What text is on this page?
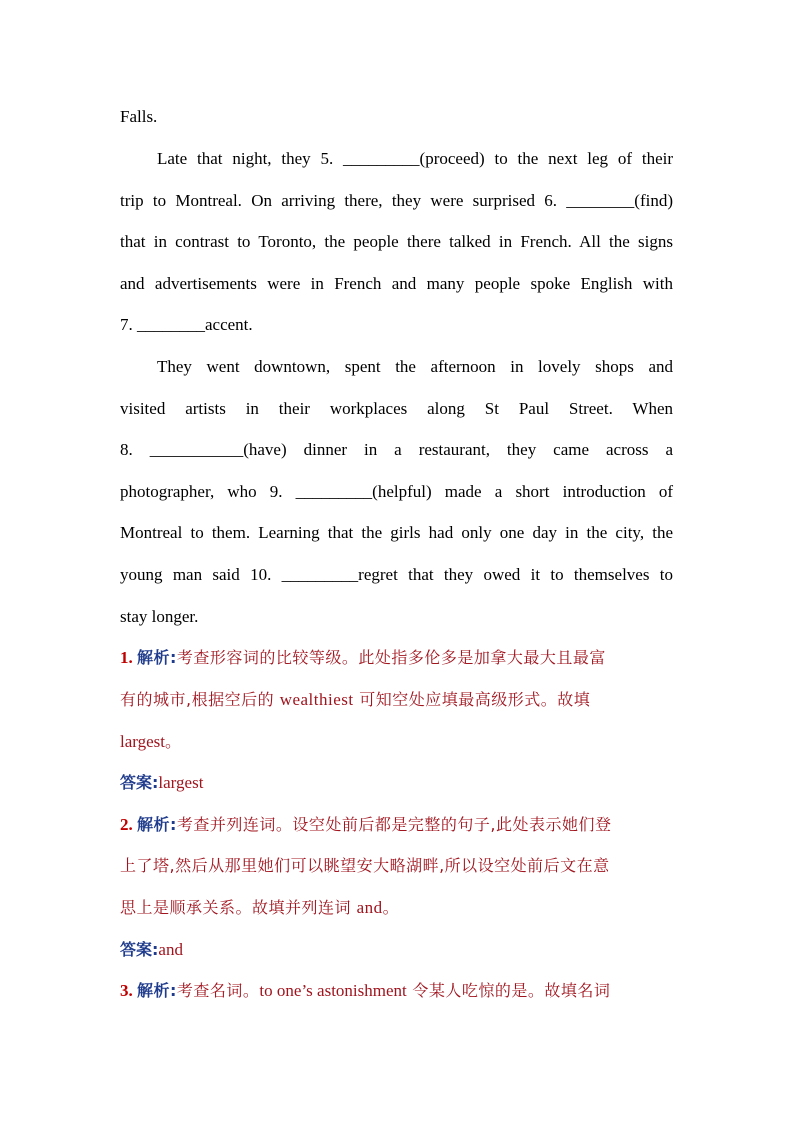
Falls.
Late that night, they 5. _________(proceed) to the next leg of their
trip to Montreal. On arriving there, they were surprised 6. ________(find)
that in contrast to Toronto, the people there talked in French. All the signs
and advertisements were in French and many people spoke English with
7. ________accent.
They went downtown, spent the afternoon in lovely shops and
visited artists in their workplaces along St Paul Street. When
8. ___________(have) dinner in a restaurant, they came across a
photographer, who 9. _________(helpful) made a short introduction of
Montreal to them. Learning that the girls had only one day in the city, the
young man said 10. _________regret that they owed it to themselves to
stay longer.
1. 解析:考查形容词的比较等级。此处指多伦多是加拿大最大且最富
有的城市,根据空后的 wealthiest 可知空处应填最高级形式。故填
largest。
答案:largest
2. 解析:考查并列连词。设空处前后都是完整的句子,此处表示她们登
上了塔,然后从那里她们可以眺望安大略湖畔,所以设空处前后文在意
思上是顺承关系。故填并列连词 and。
答案:and
3. 解析:考查名词。to one’s astonishment 令某人吃惊的是。故填名词
